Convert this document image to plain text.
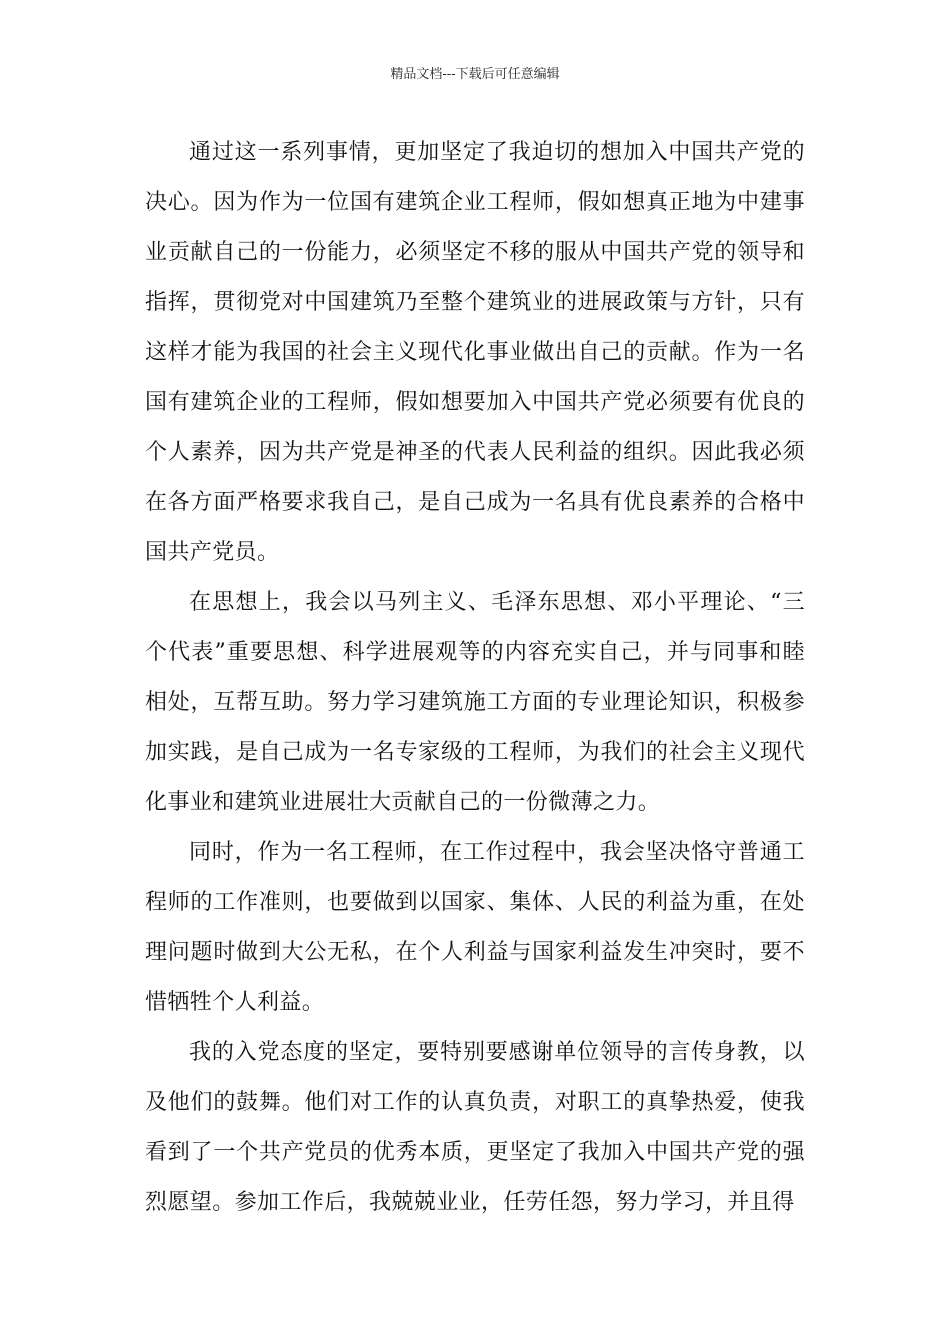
精品文档---下载后可任意编辑

通过这一系列事情，更加坚定了我迫切的想加入中国共产党的决心。因为作为一位国有建筑企业工程师，假如想真正地为中建事业贡献自己的一份能力，必须坚定不移的服从中国共产党的领导和指挥，贯彻党对中国建筑乃至整个建筑业的进展政策与方针，只有这样才能为我国的社会主义现代化事业做出自己的贡献。作为一名国有建筑企业的工程师，假如想要加入中国共产党必须要有优良的个人素养，因为共产党是神圣的代表人民利益的组织。因此我必须在各方面严格要求我自己，是自己成为一名具有优良素养的合格中国共产党员。

在思想上，我会以马列主义、毛泽东思想、邓小平理论、“三个代表”重要思想、科学进展观等的内容充实自己，并与同事和睦相处，互帮互助。努力学习建筑施工方面的专业理论知识，积极参加实践，是自己成为一名专家级的工程师，为我们的社会主义现代化事业和建筑业进展壮大贡献自己的一份微薄之力。

同时，作为一名工程师，在工作过程中，我会坚决恪守普通工程师的工作准则，也要做到以国家、集体、人民的利益为重，在处理问题时做到大公无私，在个人利益与国家利益发生冲突时，要不惜牺牲个人利益。

我的入党态度的坚定，要特别要感谢单位领导的言传身教，以及他们的鼓舞。他们对工作的认真负责，对职工的真挚热爱，使我看到了一个共产党员的优秀本质，更坚定了我加入中国共产党的强烈愿望。参加工作后，我兢兢业业，任劳任怨，努力学习，并且得
